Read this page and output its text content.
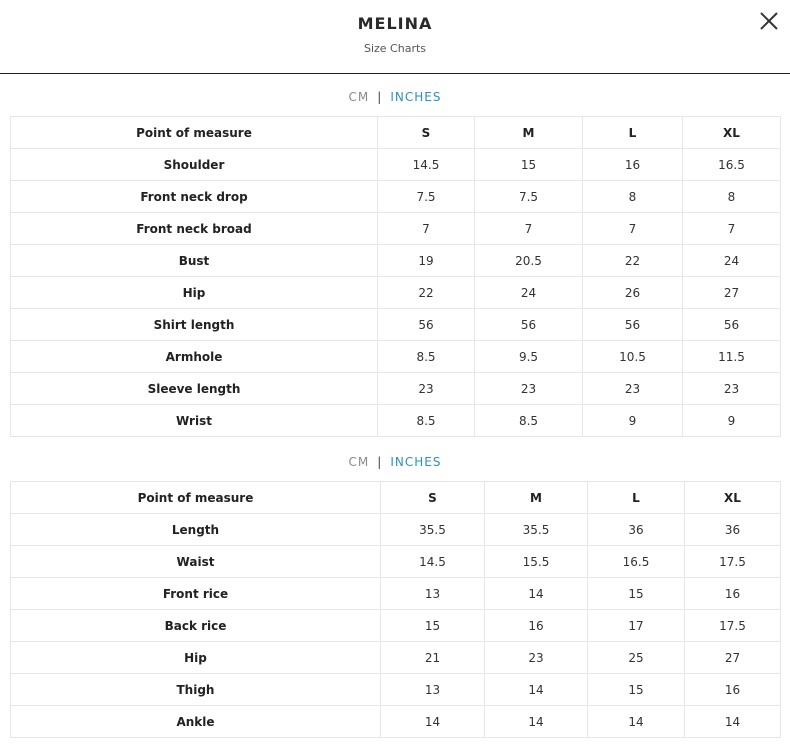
MELINA
Size Charts
CM | INCHES
Point of measure	S	M	L	XL
Shoulder	14.5	15	16	16.5
Front neck drop	7.5	7.5	8	8
Front neck broad	7	7	7	7
Bust	19	20.5	22	24
Hip	22	24	26	27
Shirt length	56	56	56	56
Armhole	8.5	9.5	10.5	11.5
Sleeve length	23	23	23	23
Wrist	8.5	8.5	9	9
CM | INCHES
Point of measure	S	M	L	XL
Length	35.5	35.5	36	36
Waist	14.5	15.5	16.5	17.5
Front rice	13	14	15	16
Back rice	15	16	17	17.5
Hip	21	23	25	27
Thigh	13	14	15	16
Ankle	14	14	14	14
